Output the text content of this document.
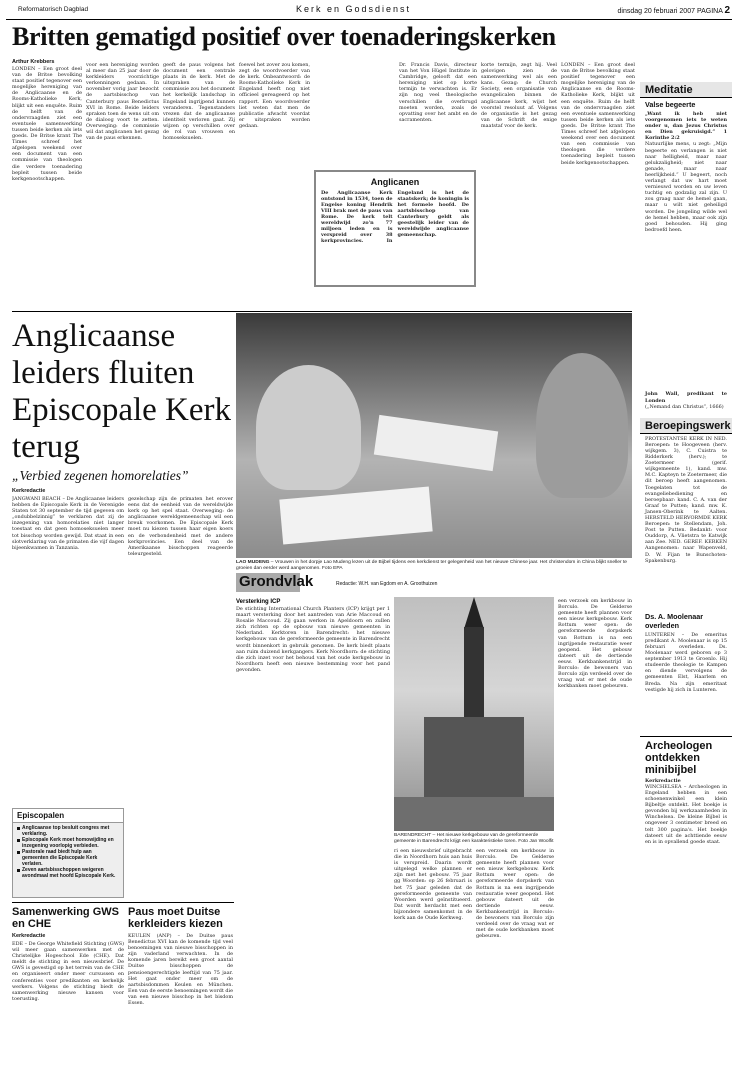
Reformatorisch Dagblad	Kerk en Godsdienst	dinsdag 20 februari 2007 PAGINA 2
Britten gematigd positief over toenaderingskerken
Arthur Krebbers

LONDEN – Een groot deel van de Britse bevolking staat positief tegenover een mogelijke hereniging van de Anglicaanse en de Rooms-Katholieke Kerk, blijkt uit een enquête. Ruim de helft van de ondervraagden ziet een eventuele samenwerking tussen beide kerken als iets goeds. De Britse krant The Times schreef het afgelopen weekend over een document van een commissie van theologen die verdere toenadering bepleit tussen beide kerkgenootschappen.

voor een hereniging worden al meer dan 25 jaar door de kerkleiders voorzichtige verkenningen gedaan. In november vorig jaar bezocht de aartsbisschop van Canterbury paus Benedictus XVI in Rome. Beide leiders spraken toen de wens uit om de dialoog voort te zetten. Overweging: de commissie wil dat anglicanen het gezag van de paus erkennen.

geeft de paus volgens het document een centrale plaats in de kerk. Met de uitspraken van de commissie zou het document het kerkelijk landschap in Engeland ingrijpend kunnen veranderen. Tegenstanders vrezen dat de anglicaanse identiteit verloren gaat. Zij wijzen op verschillen over de rol van vrouwen en homoseksuelen.

foewel het zover zou komen, zegt de woordvoerder van de kerk. Onbeantwoord: de Rooms-Katholieke Kerk in Engeland heeft nog niet officieel gereageerd op het rapport. Een woordvoerder liet weten dat men de publicatie afwacht voordat er uitspraken worden gedaan.

Dr. Francis Davis, directeur van het Von Hügel Institute in Cambridge, gelooft dat een hereniging niet op korte termijn te verwachten is. Er zijn nog veel theologische verschillen die overbrugd moeten worden, zoals de opvatting over het ambt en de sacramenten.

korte termijn, zegt hij. Veel gelovigen zien de samenwerking wel als een kans. Gezag: de Church Society, een organisatie van evangelicalen binnen de anglicaanse kerk, wijst het voorstel resoluut af. Volgens de organisatie is het gezag van de Schrift de enige maatstaf voor de kerk.

LONDEN – Een groot deel van de Britse bevolking staat positief tegenover een mogelijke hereniging van de Anglicaanse en de Rooms-Katholieke Kerk, blijkt uit een enquête. Ruim de helft van de ondervraagden ziet een eventuele samenwerking tussen beide kerken als iets goeds. De Britse krant The Times schreef het afgelopen weekend over een document van een commissie van theologen die verdere toenadering bepleit tussen beide kerkgenootschappen.

Anglicanen
De Anglicaanse Kerk ontstond in 1534, toen de Engelse koning Hendrik VIII brak met de paus van Rome. De kerk telt wereldwijd zo'n 77 miljoen leden en is verspreid over 38 kerkprovincies. In Engeland is het de staatskerk; de koningin is het formele hoofd. De aartsbisschop van Canterbury geldt als geestelijk leider van de wereldwijde anglicaanse gemeenschap.
Anglicaanse leiders fluiten Episcopale Kerk terug
„Verbied zegenen homorelaties”
Kerkredactie

JANGWANI BEACH – De Anglicaanse leiders hebben de Episcopale Kerk in de Verenigde Staten tot 30 september de tijd gegeven om „ondubbelzinnig” te verklaren dat zij de inzegening van homorelaties niet langer toestaat en dat geen homoseksuelen meer tot bisschop worden gewijd. Dat staat in een slotverklaring van de primaten die vijf dagen bijeenkwamen in Tanzania.

gezelschap zijn de primaten het erover eens dat de eenheid van de wereldwijde kerk op het spel staat. Overweging: de anglicaanse wereldgemeenschap wil een breuk voorkomen. De Episcopale Kerk moet nu kiezen tussen haar eigen koers en de verbondenheid met de andere kerkprovincies. Een deel van de Amerikaanse bisschoppen reageerde teleurgesteld.

Episcopalen
Anglicaanse top besluit congres met verklaring.
Episcopale Kerk moet homowijding en inzegening voorlopig verbieden.
Pastorale raad biedt hulp aan gemeenten die Episcopale Kerk verlaten.
Zeven aartsbisschoppen weigeren avondmaal met hoofd Episcopale Kerk.
Samenwerking GWS en CHE
Kerkredactie

EDE – De George Whitefield Stichting (GWS) wil meer gaan samenwerken met de Christelijke Hogeschool Ede (CHE). Dat meldt de stichting in een nieuwsbrief. De GWS is gevestigd op het terrein van de CHE en organiseert onder meer cursussen en conferenties voor predikanten en kerkelijk werkers. Volgens de stichting biedt de samenwerking nieuwe kansen voor toerusting.

Paus moet Duitse kerkleiders kiezen

KEULEN (ANP) – De Duitse paus Benedictus XVI kan de komende tijd veel benoemingen van nieuwe bisschoppen in zijn vaderland verwachten. In de komende jaren bereikt een groot aantal Duitse bisschoppen de pensioengerechtigde leeftijd van 75 jaar. Het gaat onder meer om de aartsbisdommen Keulen en München. Een van de eerste benoemingen wordt die van een nieuwe bisschop in het bisdom Essen.

LAO MUDENG – Vrouwen in het dorpje Lao Mudeng lezen uit de Bijbel tijdens een kerkdienst ter gelegenheid van het nieuwe Chinese jaar. Het christendom in China blijkt sneller te groeien dan eerder werd aangenomen. Foto EPA
Grondvlak	Redactie: W.H. van Egdom en A. Groothuizen
Versterking ICP

De stichting International Church Planters (ICP) krijgt per 1 maart versterking door het aantreden van Arie Maccoud en Rosalie Maccoud. Zij gaan werken in Apeldoorn en zullen zich richten op de opbouw van nieuwe gemeenten in Nederland. Kerktoren in Barendrecht: het nieuwe kerkgebouw van de gereformeerde gemeente in Barendrecht wordt binnenkort in gebruik genomen. De kerk biedt plaats aan ruim duizend kerkgangers. Kerk Noordhorn: de stichting die zich inzet voor het behoud van het oude kerkgebouw in Noordhorn heeft een nieuwe bestemming voor het pand gevonden.

BARENDRECHT – Het nieuwe kerkgebouw van de gereformeerde gemeente in Barendrecht krijgt een karakteristieke toren. Foto Jan Woolfit

ri een nieuwsbrief uitgebracht die in Noordhorn huis aan huis is verspreid. Daarin wordt uitgelegd welke plannen er zijn met het gebouw. 75 jaar gg Woorden: op 26 februari is het 75 jaar geleden dat de gereformeerde gemeente van Woorden werd geïnstitueerd. Dat wordt herdacht met een bijzondere samenkomst in de kerk aan de Oude Kerkweg.

een verzoek om kerkbouw in Borculo. De Gelderse gemeente heeft plannen voor een nieuw kerkgebouw. Kerk Rottum weer open: de gereformeerde dorpskerk van Rottum is na een ingrijpende restauratie weer geopend. Het gebouw dateert uit de dertiende eeuw. Kerkbankenstrijd in Borculo: de bewoners van Borculo zijn verdeeld over de vraag wat er met de oude kerkbanken moet gebeuren.

een verzoek om kerkbouw in Borculo. De Gelderse gemeente heeft plannen voor een nieuw kerkgebouw. Kerk Rottum weer open: de gereformeerde dorpskerk van Rottum is na een ingrijpende restauratie weer geopend. Het gebouw dateert uit de dertiende eeuw. Kerkbankenstrijd in Borculo: de bewoners van Borculo zijn verdeeld over de vraag wat er met de oude kerkbanken moet gebeuren.

Meditatie
Valse begeerte
„Want ik heb niet voorgenomen iets te weten onder u, dan Jezus Christus en Dien gekruisigd.” 1 Korinthe 2:2
Natuurlijke mens, u zegt: „Mijn begeerte en verlangen is niet naar helligheid, maar naar gelukzaligheid; niet naar genade, maar naar heerlijkheid.” U begeert, noch verlangt dat uw hart moet vernieuwd worden en uw leven tuchtig en godzalig zal zijn. U zou graag naar de hemel gaan, maar u wilt niet geheiligd worden. De jongeling wilde wel de hemel hebben, maar ook zijn goed behouden. Hij ging bedroefd heen.
John Wall, predikant te Londen
(„Nemand dan Christus”, 1666)
Beroepingswerk
PROTESTANTSE KERK IN NED. Beroepen: te Hoogeveen (herv. wijkgem. 3), C. Cuistra te Ridderkerk (herv.); te Zoetermeer (gerif. wijkgemeente 1), kand. mw. M.C. Kapteyn te Zoetermeer, die dit beroep heeft aangenomen. Toegelaten tot de evangeliebediening en beroepbaar: kand. C. A. van der Graaf te Putten; kand. mw. K. Jansen-Oberink te Aalten. HERSTELD HERVORMDE KERK Beroepen: te Stellendam, Joh. Post te Putten. Bedankt: voor Ouddorp, A. Vlietstra te Katwijk aan Zee. NED. GEREF. KERKEN Aangenomen: naar Wapenveld, D. W. Fijan te Bunschoten-Spakenburg.
Ds. A. Moolenaar overleden
LUNTEREN – De emeritus predikant A. Moolenaar is op 15 februari overleden. Ds. Moolenaar werd geboren op 3 september 1913 te Groenlo. Hij studeerde theologie te Kampen en diende vervolgens de gemeenten Elst, Haarlem en Breda. Na zijn emeritaat vestigde hij zich in Lunteren.
Archeologen ontdekken minibijbel
Kerkredactie
WINCHELSEA – Archeologen in Engeland hebben in een schoenenwinkel een klein Bijbeltje ontdekt. Het boekje is gevonden bij werkzaamheden in Winchelsea. De kleine Bijbel is ongeveer 3 centimeter breed en telt 300 pagina's. Het boekje dateert uit de achttiende eeuw en is in opvallend goede staat.
